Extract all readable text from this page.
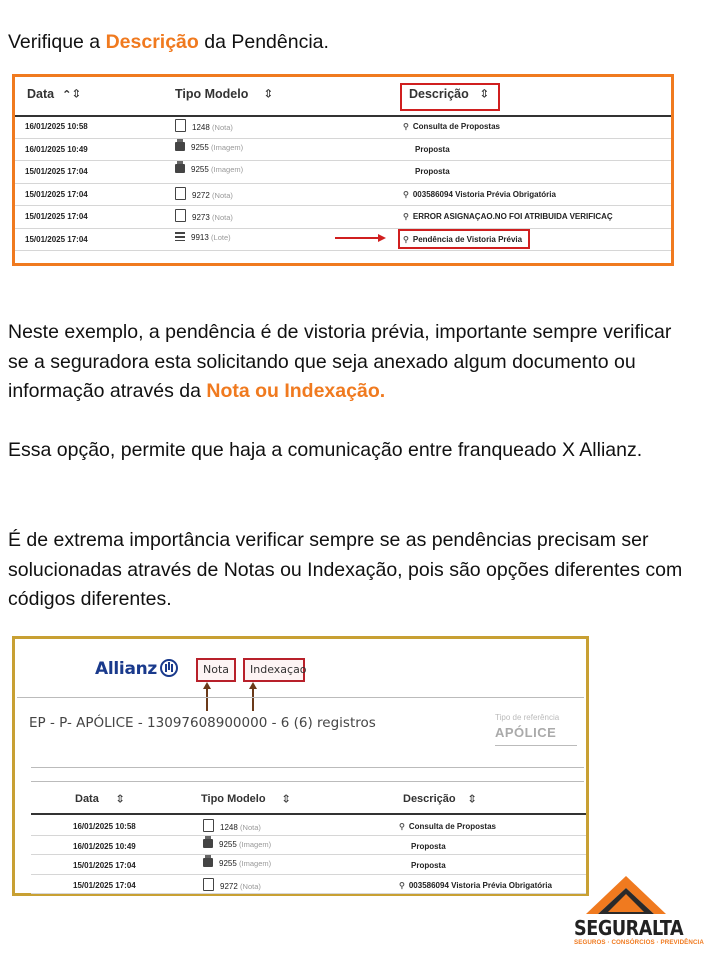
Verifique a Descrição da Pendência.
Data ⌃	Tipo Modelo	Descrição
⇕	⇕	⇕
16/01/2025 10:58	1248 (Nota)	⚲ Consulta de Propostas
16/01/2025 10:49	9255 (Imagem)	Proposta
15/01/2025 17:04	9255 (Imagem)	Proposta
15/01/2025 17:04	9272 (Nota)	⚲ 003586094 Vistoria Prévia Obrigatória
15/01/2025 17:04	9273 (Nota)	⚲ ERROR ASIGNAÇAO.NO FOI ATRIBUIDA VERIFICAÇ
15/01/2025 17:04	9913 (Lote)	⚲ Pendência de Vistoria Prévia
Neste exemplo, a pendência é de vistoria prévia, importante sempre verificar se a seguradora esta solicitando que seja anexado algum documento ou informação através da Nota ou Indexação.
Essa opção, permite que haja a comunicação entre franqueado X Allianz.
É de extrema importância verificar sempre se as pendências precisam ser solucionadas através de Notas ou Indexação, pois são opções diferentes com códigos diferentes.
Allianz	Nota	Indexaçao
EP - P- APÓLICE - 13097608900000 - 6 (6) registros	Tipo de referência
APÓLICE
Data ⇕	Tipo Modelo ⇕	Descrição ⇕
16/01/2025 10:58	1248 (Nota)	⚲ Consulta de Propostas
16/01/2025 10:49	9255 (Imagem)	Proposta
15/01/2025 17:04	9255 (Imagem)	Proposta
15/01/2025 17:04	9272 (Nota)	⚲ 003586094 Vistoria Prévia Obrigatória
SEGURALTA
SEGUROS · CONSÓRCIOS · PREVIDÊNCIA
